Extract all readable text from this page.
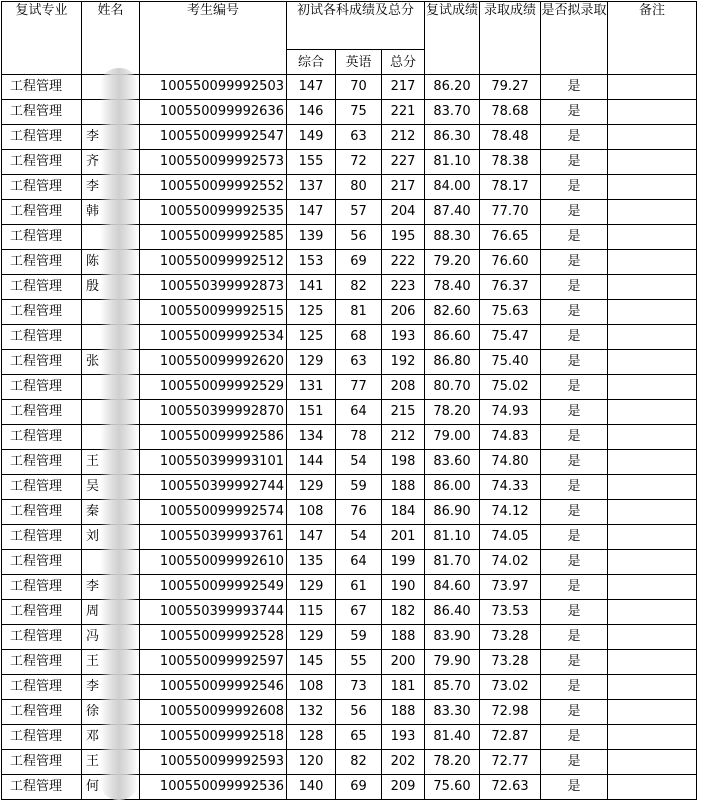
复试专业	姓名	考生编号	初试各科成绩及总分			复试成绩	录取成绩	是否拟录取	备注
			综合	英语	总分				
工程管理		100550099992503	147	70	217	86.20	79.27	是	
工程管理		100550099992636	146	75	221	83.70	78.68	是	
工程管理	李	100550099992547	149	63	212	86.30	78.48	是	
工程管理	齐	100550099992573	155	72	227	81.10	78.38	是	
工程管理	李	100550099992552	137	80	217	84.00	78.17	是	
工程管理	韩	100550099992535	147	57	204	87.40	77.70	是	
工程管理		100550099992585	139	56	195	88.30	76.65	是	
工程管理	陈	100550099992512	153	69	222	79.20	76.60	是	
工程管理	殷	100550399992873	141	82	223	78.40	76.37	是	
工程管理		100550099992515	125	81	206	82.60	75.63	是	
工程管理		100550099992534	125	68	193	86.60	75.47	是	
工程管理	张	100550099992620	129	63	192	86.80	75.40	是	
工程管理		100550099992529	131	77	208	80.70	75.02	是	
工程管理		100550399992870	151	64	215	78.20	74.93	是	
工程管理		100550099992586	134	78	212	79.00	74.83	是	
工程管理	王	100550399993101	144	54	198	83.60	74.80	是	
工程管理	吴	100550399992744	129	59	188	86.00	74.33	是	
工程管理	秦	100550099992574	108	76	184	86.90	74.12	是	
工程管理	刘	100550399993761	147	54	201	81.10	74.05	是	
工程管理		100550099992610	135	64	199	81.70	74.02	是	
工程管理	李	100550099992549	129	61	190	84.60	73.97	是	
工程管理	周	100550399993744	115	67	182	86.40	73.53	是	
工程管理	冯	100550099992528	129	59	188	83.90	73.28	是	
工程管理	王	100550099992597	145	55	200	79.90	73.28	是	
工程管理	李	100550099992546	108	73	181	85.70	73.02	是	
工程管理	徐	100550099992608	132	56	188	83.30	72.98	是	
工程管理	邓	100550099992518	128	65	193	81.40	72.87	是	
工程管理	王	100550099992593	120	82	202	78.20	72.77	是	
工程管理	何	100550099992536	140	69	209	75.60	72.63	是	
